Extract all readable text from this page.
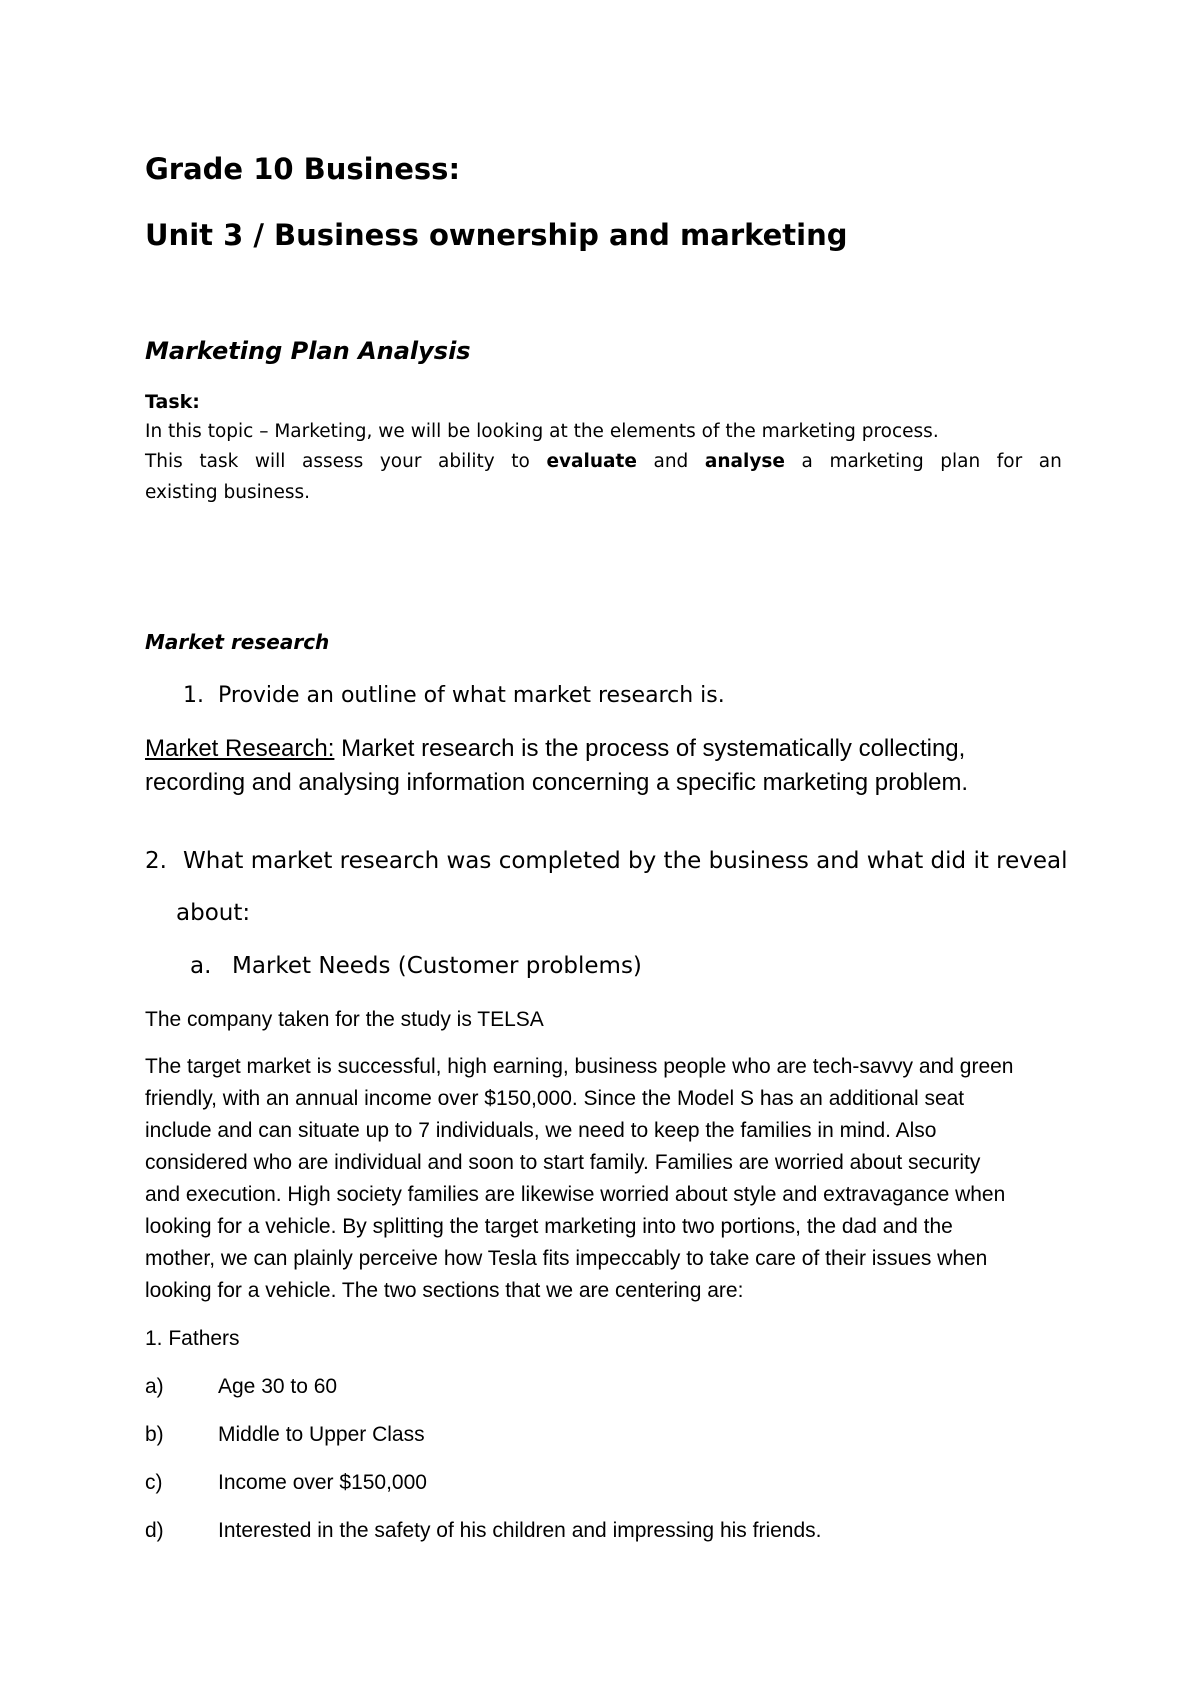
Grade 10 Business:
Unit 3 / Business ownership and marketing
Marketing Plan Analysis
Task:
In this topic – Marketing, we will be looking at the elements of the marketing process.
This task will assess your ability to evaluate and analyse a marketing plan for an
existing business.
Market research
1. Provide an outline of what market research is.
Market Research: Market research is the process of systematically collecting,
recording and analysing information concerning a specific marketing problem.
2. What market research was completed by the business and what did it reveal
about:
a. Market Needs (Customer problems)
The company taken for the study is TELSA
The target market is successful, high earning, business people who are tech-savvy and green
friendly, with an annual income over $150,000. Since the Model S has an additional seat
include and can situate up to 7 individuals, we need to keep the families in mind. Also
considered who are individual and soon to start family. Families are worried about security
and execution. High society families are likewise worried about style and extravagance when
looking for a vehicle. By splitting the target marketing into two portions, the dad and the
mother, we can plainly perceive how Tesla fits impeccably to take care of their issues when
looking for a vehicle. The two sections that we are centering are:
1. Fathers
a)	Age 30 to 60
b)	Middle to Upper Class
c)	Income over $150,000
d)	Interested in the safety of his children and impressing his friends.
